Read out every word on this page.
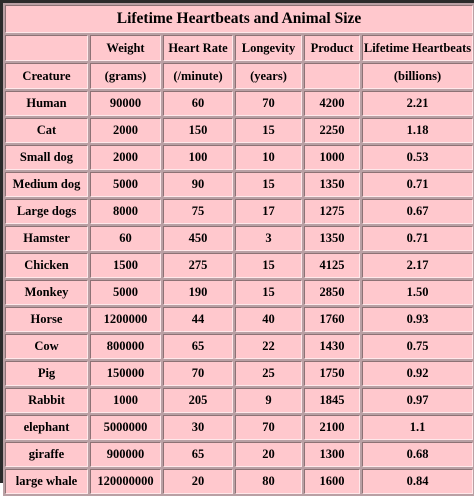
Lifetime Heartbeats and Animal Size					
	Weight	Heart Rate	Longevity	Product	Lifetime Heartbeats
Creature	(grams)	(/minute)	(years)		(billions)
Human	90000	60	70	4200	2.21
Cat	2000	150	15	2250	1.18
Small dog	2000	100	10	1000	0.53
Medium dog	5000	90	15	1350	0.71
Large dogs	8000	75	17	1275	0.67
Hamster	60	450	3	1350	0.71
Chicken	1500	275	15	4125	2.17
Monkey	5000	190	15	2850	1.50
Horse	1200000	44	40	1760	0.93
Cow	800000	65	22	1430	0.75
Pig	150000	70	25	1750	0.92
Rabbit	1000	205	9	1845	0.97
elephant	5000000	30	70	2100	1.1
giraffe	900000	65	20	1300	0.68
large whale	120000000	20	80	1600	0.84
